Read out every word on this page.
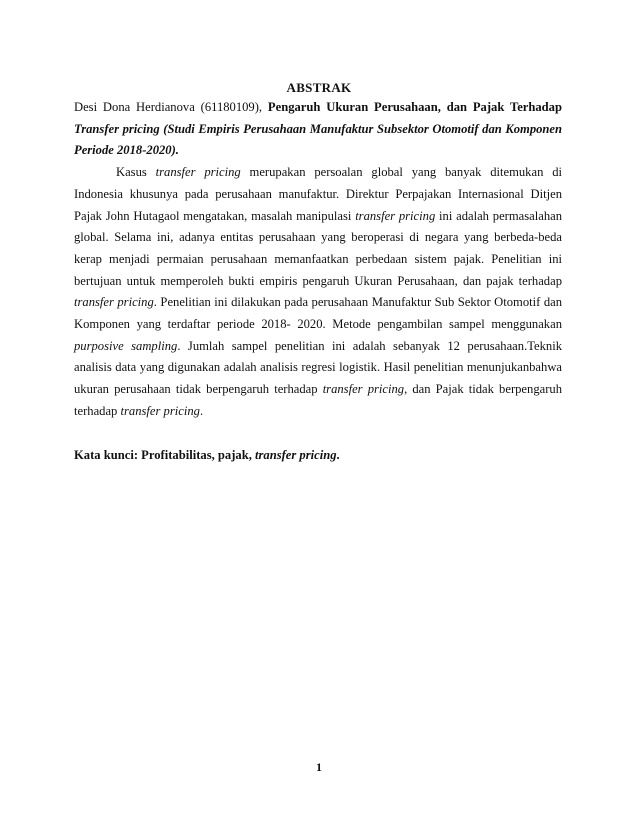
ABSTRAK

Desi Dona Herdianova (61180109), Pengaruh Ukuran Perusahaan, dan Pajak Terhadap Transfer pricing (Studi Empiris Perusahaan Manufaktur Subsektor Otomotif dan Komponen Periode 2018-2020).

Kasus transfer pricing merupakan persoalan global yang banyak ditemukan di Indonesia khusunya pada perusahaan manufaktur. Direktur Perpajakan Internasional Ditjen Pajak John Hutagaol mengatakan, masalah manipulasi transfer pricing ini adalah permasalahan global. Selama ini, adanya entitas perusahaan yang beroperasi di negara yang berbeda-beda kerap menjadi permaian perusahaan memanfaatkan perbedaan sistem pajak. Penelitian ini bertujuan untuk memperoleh bukti empiris pengaruh Ukuran Perusahaan, dan pajak terhadap transfer pricing. Penelitian ini dilakukan pada perusahaan Manufaktur Sub Sektor Otomotif dan Komponen yang terdaftar periode 2018- 2020. Metode pengambilan sampel menggunakan purposive sampling. Jumlah sampel penelitian ini adalah sebanyak 12 perusahaan.Teknik analisis data yang digunakan adalah analisis regresi logistik. Hasil penelitian menunjukanbahwa ukuran perusahaan tidak berpengaruh terhadap transfer pricing, dan Pajak tidak berpengaruh terhadap transfer pricing.

Kata kunci: Profitabilitas, pajak, transfer pricing.

1
